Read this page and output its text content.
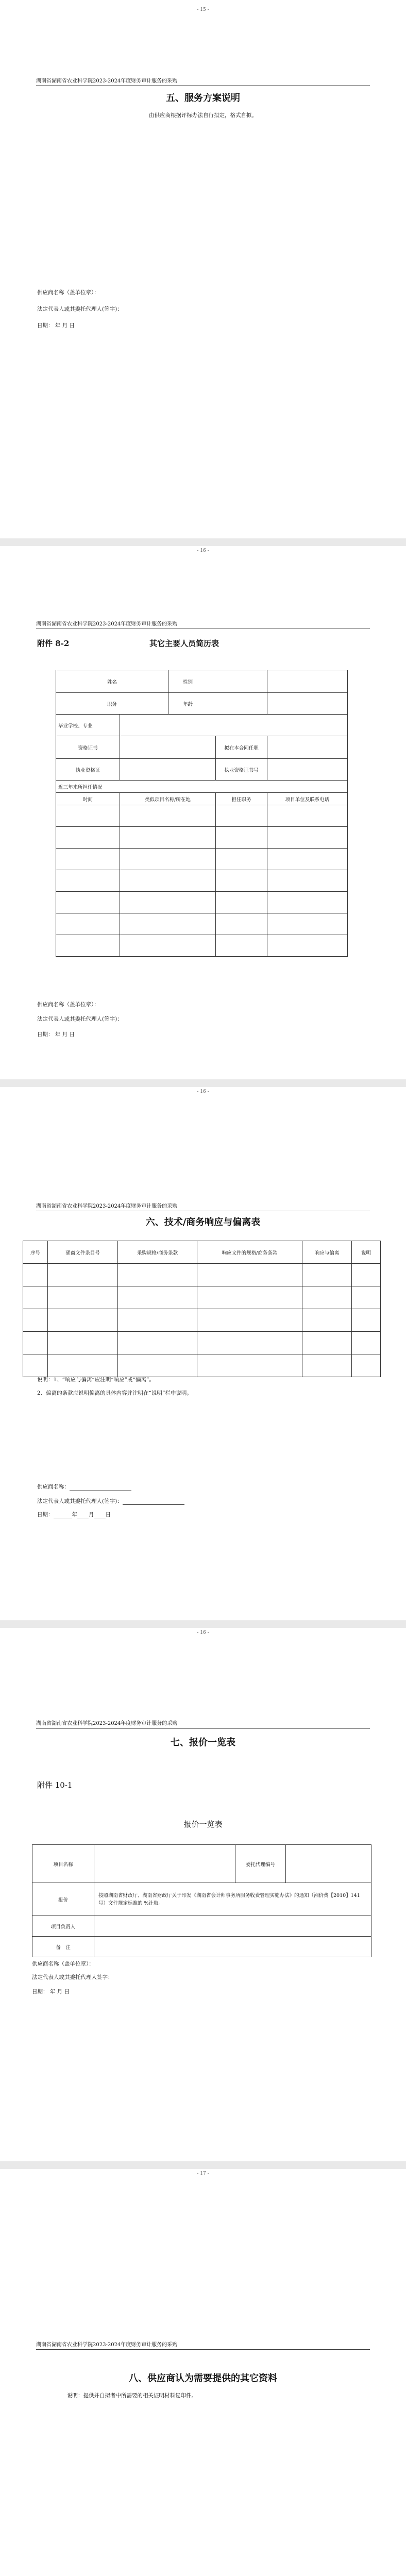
- 15 -
湖南省湖南省农业科学院2023-2024年度财务审计服务的采购
五、服务方案说明
由供应商根据评标办法自行拟定，格式自拟。
供应商名称（盖单位章）：
法定代表人或其委托代理人(签字)：
日期： 年 月 日
- 16 -
湖南省湖南省农业科学院2023-2024年度财务审计服务的采购
附件 8-2	其它主要人员简历表
姓名		性别		
职务		年龄		
毕业学校、专业				
资格证书			拟在本合同任职	
执业资格证			执业资格证书号	
近三年来所担任情况				
时间	类似项目名称/所在地		担任职务	项目单位及联系电话

供应商名称（盖单位章）：
法定代表人或其委托代理人(签字)：
日期： 年 月 日
- 16 -
湖南省湖南省农业科学院2023-2024年度财务审计服务的采购
六、技术/商务响应与偏离表
序号	磋商文件条目号	采购规格/商务条款	响应文件的规格/商务条款	响应与偏离	说明

说明：1、“响应与偏离”应注明“响应”或“偏离”。
2、偏离的条款应说明偏离的具体内容并注明在“说明”栏中说明。
供应商名称：
法定代表人或其委托代理人(签字)：
日期：	年 月 日
- 16 -
湖南省湖南省农业科学院2023-2024年度财务审计服务的采购
七、报价一览表
附件 10-1
报价一览表
项目名称		委托代理编号	
报价	按照湖南省财政厅、湖南省财政厅关于印发《湖南省会计师事务所服务收费管理实施办法》的通知（湘价费【2010】141号）文件规定标准的 %计取。		
项目负责人			
备　注			
供应商名称（盖单位章）：
法定代表人或其委托代理人签字：
日期： 年 月 日
- 17 -
湖南省湖南省农业科学院2023-2024年度财务审计服务的采购
八、供应商认为需要提供的其它资料
说明：提供并自拟者中所需要的相关证明材料复印件。
